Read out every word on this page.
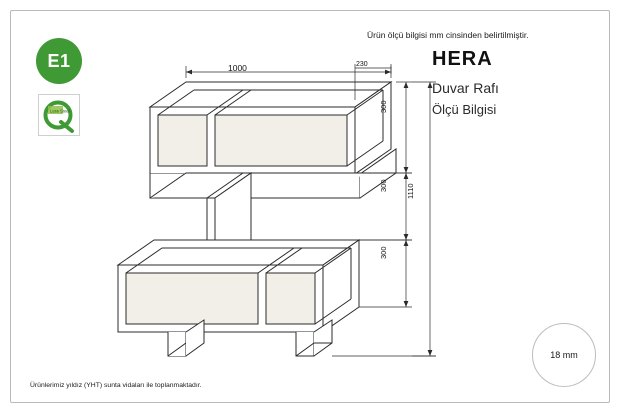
E1
Less Steel
Ürün ölçü bilgisi mm cinsinden belirtilmiştir.
HERA
Duvar Rafı
Ölçü Bilgisi
1000	230
300
300
300
1110
18 mm
Ürünlerimiz yıldız (YHT) sunta vidaları ile toplanmaktadır.
